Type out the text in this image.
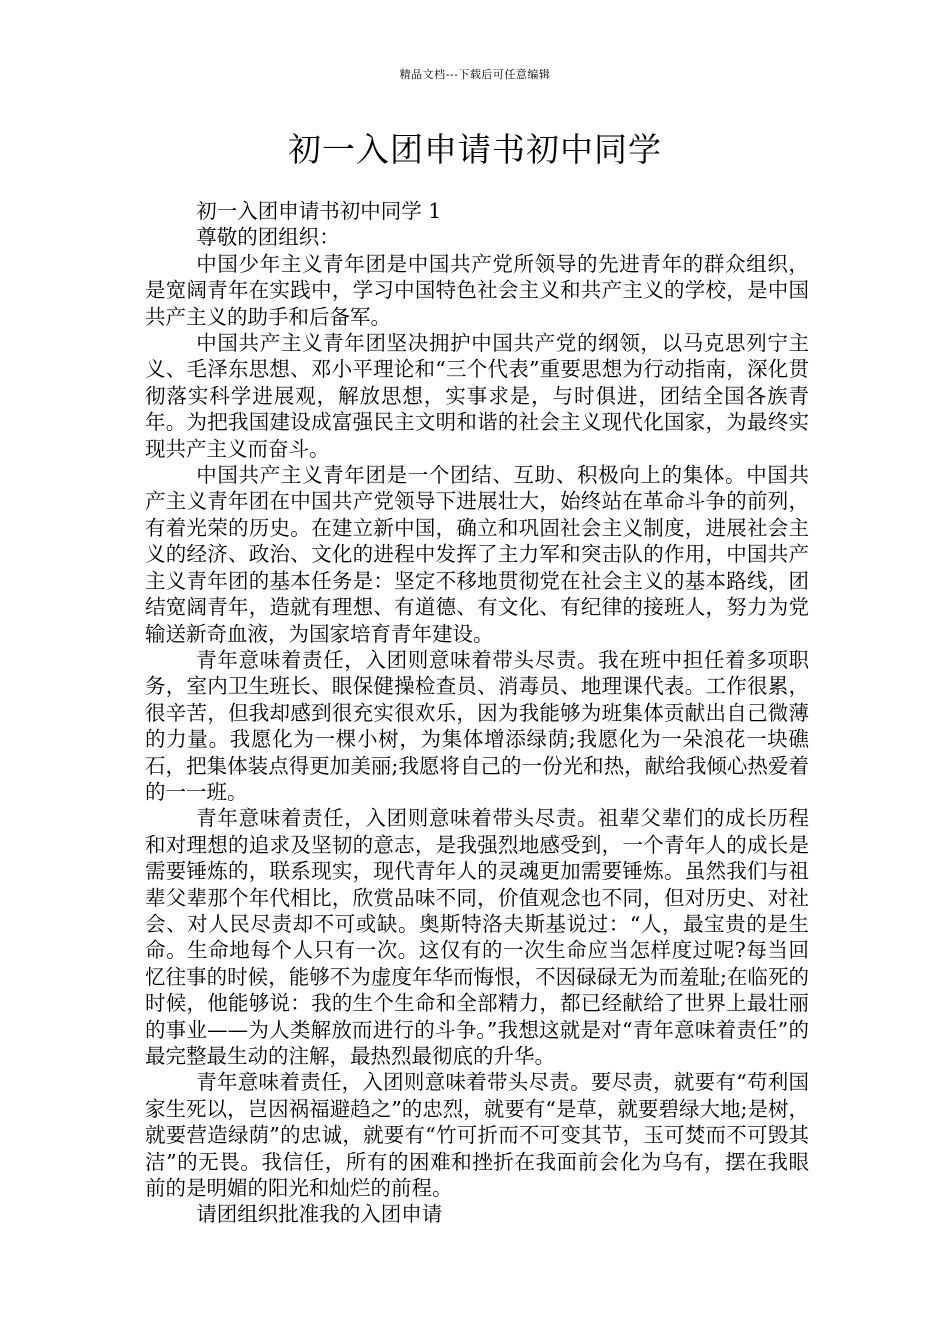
精品文档---下载后可任意编辑
初一入团申请书初中同学

初一入团申请书初中同学 1

尊敬的团组织：

中国少年主义青年团是中国共产党所领导的先进青年的群众组织，是宽阔青年在实践中，学习中国特色社会主义和共产主义的学校，是中国共产主义的助手和后备军。

中国共产主义青年团坚决拥护中国共产党的纲领，以马克思列宁主义、毛泽东思想、邓小平理论和“三个代表”重要思想为行动指南，深化贯彻落实科学进展观，解放思想，实事求是，与时俱进，团结全国各族青年。为把我国建设成富强民主文明和谐的社会主义现代化国家，为最终实现共产主义而奋斗。

中国共产主义青年团是一个团结、互助、积极向上的集体。中国共产主义青年团在中国共产党领导下进展壮大，始终站在革命斗争的前列，有着光荣的历史。在建立新中国，确立和巩固社会主义制度，进展社会主义的经济、政治、文化的进程中发挥了主力军和突击队的作用，中国共产主义青年团的基本任务是：坚定不移地贯彻党在社会主义的基本路线，团结宽阔青年，造就有理想、有道德、有文化、有纪律的接班人，努力为党输送新奇血液，为国家培育青年建设。

青年意味着责任，入团则意味着带头尽责。我在班中担任着多项职务，室内卫生班长、眼保健操检查员、消毒员、地理课代表。工作很累，很辛苦，但我却感到很充实很欢乐，因为我能够为班集体贡献出自己微薄的力量。我愿化为一棵小树，为集体增添绿荫;我愿化为一朵浪花一块礁石，把集体装点得更加美丽;我愿将自己的一份光和热，献给我倾心热爱着的一一班。

青年意味着责任，入团则意味着带头尽责。祖辈父辈们的成长历程和对理想的追求及坚韧的意志，是我强烈地感受到，一个青年人的成长是需要锤炼的，联系现实，现代青年人的灵魂更加需要锤炼。虽然我们与祖辈父辈那个年代相比，欣赏品味不同，价值观念也不同，但对历史、对社会、对人民尽责却不可或缺。奥斯特洛夫斯基说过：“人，最宝贵的是生命。生命地每个人只有一次。这仅有的一次生命应当怎样度过呢?每当回忆往事的时候，能够不为虚度年华而悔恨，不因碌碌无为而羞耻;在临死的时候，他能够说：我的生个生命和全部精力，都已经献给了世界上最壮丽的事业——为人类解放而进行的斗争。”我想这就是对“青年意味着责任”的最完整最生动的注解，最热烈最彻底的升华。

青年意味着责任，入团则意味着带头尽责。要尽责，就要有“苟利国家生死以，岂因祸福避趋之”的忠烈，就要有“是草，就要碧绿大地;是树，就要营造绿荫”的忠诚，就要有“竹可折而不可变其节，玉可焚而不可毁其洁”的无畏。我信任，所有的困难和挫折在我面前会化为乌有，摆在我眼前的是明媚的阳光和灿烂的前程。

请团组织批准我的入团申请
